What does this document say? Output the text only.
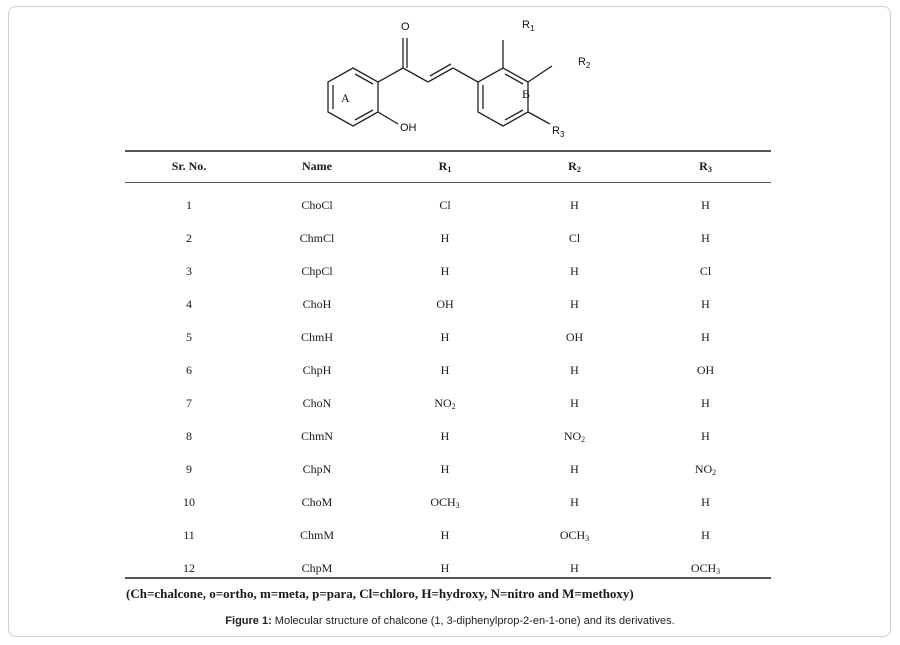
O
A	B
OH
$R_1$
$R_2$
$R_3$
Sr. No.	Name	$R_1$	$R_2$	$R_3$
1	ChoCl	Cl	H	H
2	ChmCl	H	Cl	H
3	ChpCl	H	H	Cl
4	ChoH	OH	H	H
5	ChmH	H	OH	H
6	ChpH	H	H	OH
7	ChoN	$NO_2$	H	H
8	ChmN	H	$NO_2$	H
9	ChpN	H	H	$NO_2$
10	ChoM	$OCH_3$	H	H
11	ChmM	H	$OCH_3$	H
12	ChpM	H	H	$OCH_3$
(Ch=chalcone, o=ortho, m=meta, p=para, Cl=chloro, H=hydroxy, N=nitro and M=methoxy)
Figure 1: Molecular structure of chalcone (1, 3-diphenylprop-2-en-1-one) and its derivatives.
